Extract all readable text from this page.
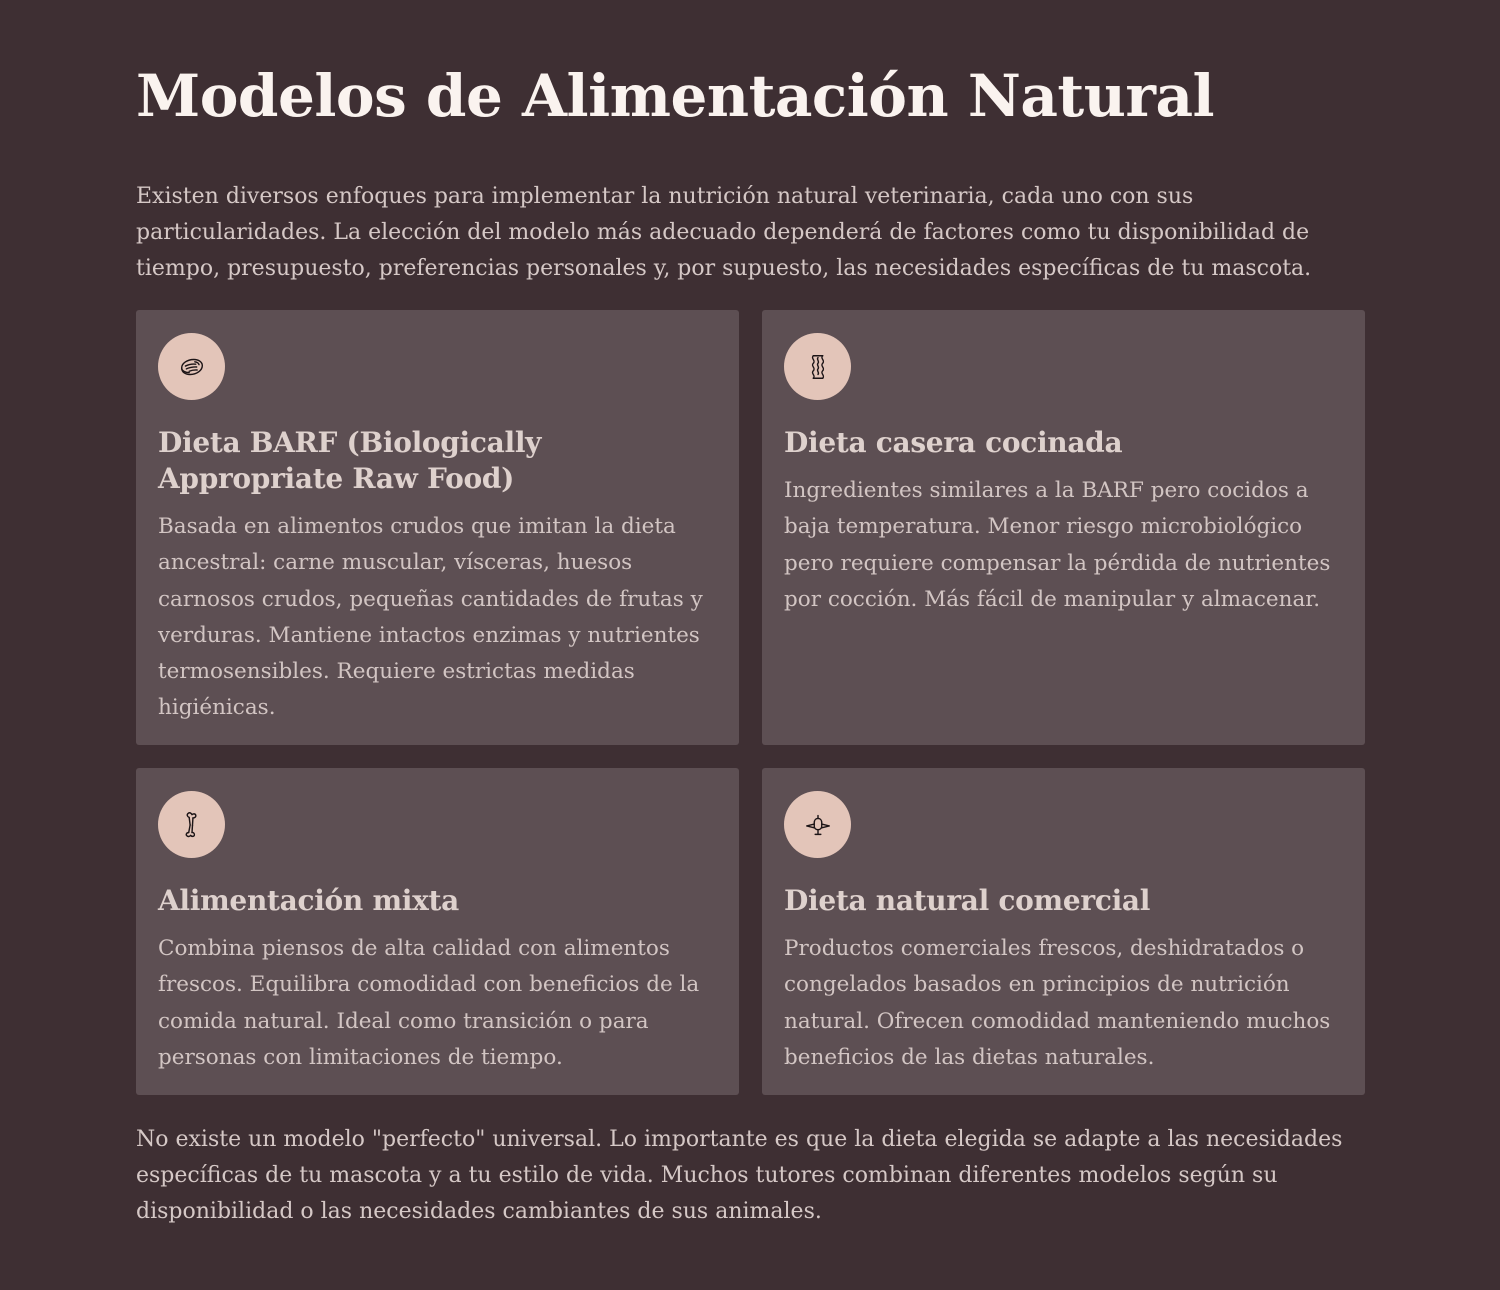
Modelos de Alimentación Natural

Existen diversos enfoques para implementar la nutrición natural veterinaria, cada uno con sus particularidades. La elección del modelo más adecuado dependerá de factores como tu disponibilidad de tiempo, presupuesto, preferencias personales y, por supuesto, las necesidades específicas de tu mascota.

Dieta BARF (Biologically Appropriate Raw Food)

Basada en alimentos crudos que imitan la dieta ancestral: carne muscular, vísceras, huesos carnosos crudos, pequeñas cantidades de frutas y verduras. Mantiene intactos enzimas y nutrientes termosensibles. Requiere estrictas medidas higiénicas.

Dieta casera cocinada

Ingredientes similares a la BARF pero cocidos a baja temperatura. Menor riesgo microbiológico pero requiere compensar la pérdida de nutrientes por cocción. Más fácil de manipular y almacenar.

Alimentación mixta

Combina piensos de alta calidad con alimentos frescos. Equilibra comodidad con beneficios de la comida natural. Ideal como transición o para personas con limitaciones de tiempo.

Dieta natural comercial

Productos comerciales frescos, deshidratados o congelados basados en principios de nutrición natural. Ofrecen comodidad manteniendo muchos beneficios de las dietas naturales.

No existe un modelo "perfecto" universal. Lo importante es que la dieta elegida se adapte a las necesidades específicas de tu mascota y a tu estilo de vida. Muchos tutores combinan diferentes modelos según su disponibilidad o las necesidades cambiantes de sus animales.
